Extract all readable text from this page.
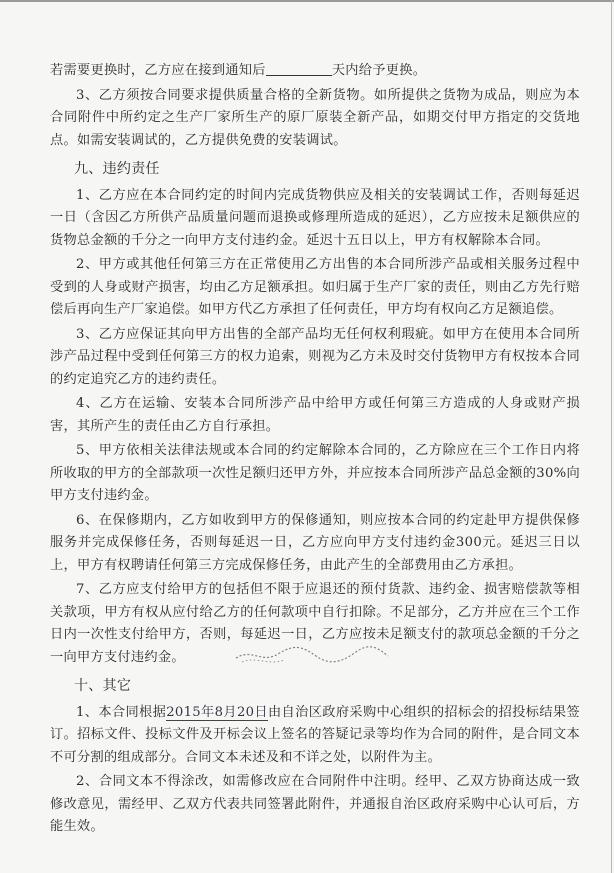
若需要更换时，乙方应在接到通知后	天内给予更换。

3、乙方须按合同要求提供质量合格的全新货物。如所提供之货物为成品，则应为本合同附件中所约定之生产厂家所生产的原厂原装全新产品，如期交付甲方指定的交货地点。如需安装调试的，乙方提供免费的安装调试。

九、违约责任

1、乙方应在本合同约定的时间内完成货物供应及相关的安装调试工作，否则每延迟一日（含因乙方所供产品质量问题而退换或修理所造成的延迟），乙方应按未足额供应的货物总金额的千分之一向甲方支付违约金。延迟十五日以上，甲方有权解除本合同。

2、甲方或其他任何第三方在正常使用乙方出售的本合同所涉产品或相关服务过程中受到的人身或财产损害，均由乙方足额承担。如归属于生产厂家的责任，则由乙方先行赔偿后再向生产厂家追偿。如甲方代乙方承担了任何责任，甲方均有权向乙方足额追偿。

3、乙方应保证其向甲方出售的全部产品均无任何权利瑕疵。如甲方在使用本合同所涉产品过程中受到任何第三方的权力追索，则视为乙方未及时交付货物甲方有权按本合同的约定追究乙方的违约责任。

4、乙方在运输、安装本合同所涉产品中给甲方或任何第三方造成的人身或财产损害，其所产生的责任由乙方自行承担。

5、甲方依相关法律法规或本合同的约定解除本合同的，乙方除应在三个工作日内将所收取的甲方的全部款项一次性足额归还甲方外，并应按本合同所涉产品总金额的30%向甲方支付违约金。

6、在保修期内，乙方如收到甲方的保修通知，则应按本合同的约定赴甲方提供保修服务并完成保修任务，否则每延迟一日，乙方应向甲方支付违约金300元。延迟三日以上，甲方有权聘请任何第三方完成保修任务，由此产生的全部费用由乙方承担。

7、乙方应支付给甲方的包括但不限于应退还的预付货款、违约金、损害赔偿款等相关款项，甲方有权从应付给乙方的任何款项中自行扣除。不足部分，乙方并应在三个工作日内一次性支付给甲方，否则，每延迟一日，乙方应按未足额支付的款项总金额的千分之一向甲方支付违约金。

十、其它

1、本合同根据2015年8月20日由自治区政府采购中心组织的招标会的招投标结果签订。招标文件、投标文件及开标会议上签名的答疑记录等均作为合同的附件，是合同文本不可分割的组成部分。合同文本未述及和不详之处，以附件为主。

2、合同文本不得涂改，如需修改应在合同附件中注明。经甲、乙双方协商达成一致修改意见，需经甲、乙双方代表共同签署此附件，并通报自治区政府采购中心认可后，方能生效。
